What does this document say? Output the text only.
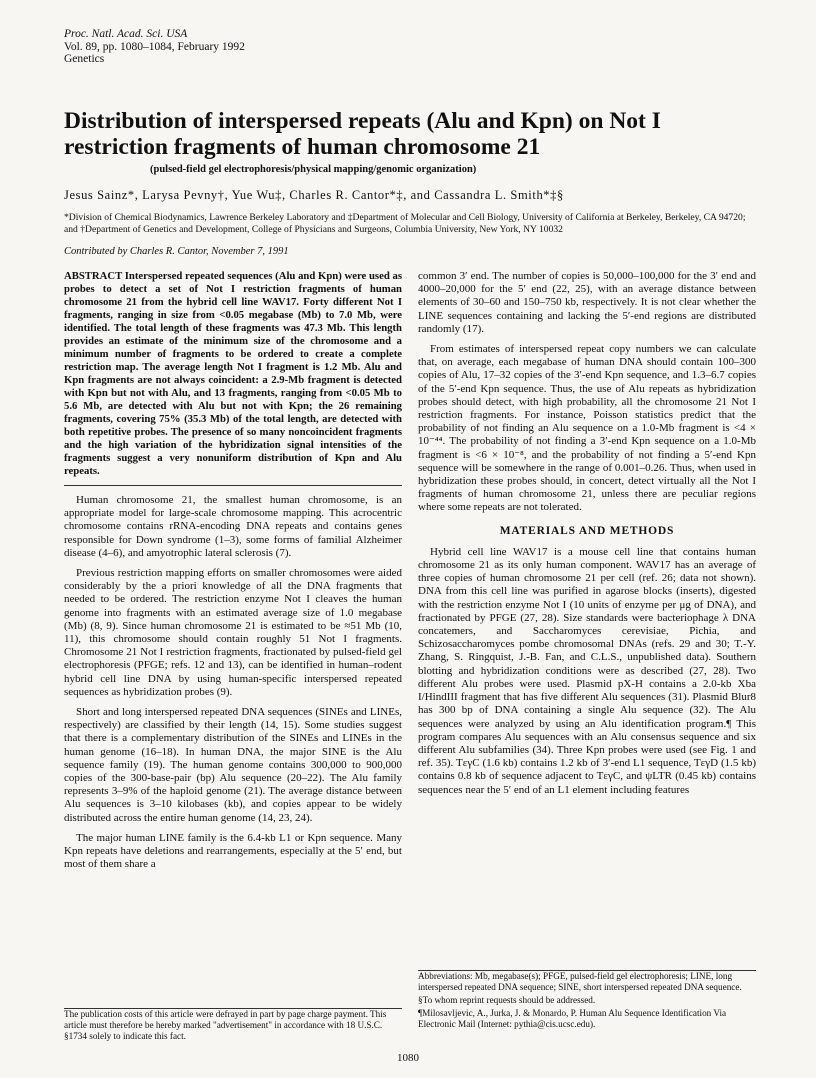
Proc. Natl. Acad. Sci. USA
Vol. 89, pp. 1080–1084, February 1992
Genetics
Distribution of interspersed repeats (Alu and Kpn) on Not I restriction fragments of human chromosome 21
(pulsed-field gel electrophoresis/physical mapping/genomic organization)
Jesus Sainz*, Larysa Pevny†, Yue Wu‡, Charles R. Cantor*‡, and Cassandra L. Smith*‡§
*Division of Chemical Biodynamics, Lawrence Berkeley Laboratory and ‡Department of Molecular and Cell Biology, University of California at Berkeley, Berkeley, CA 94720; and †Department of Genetics and Development, College of Physicians and Surgeons, Columbia University, New York, NY 10032
Contributed by Charles R. Cantor, November 7, 1991

ABSTRACT Interspersed repeated sequences (Alu and Kpn) were used as probes to detect a set of Not I restriction fragments of human chromosome 21 from the hybrid cell line WAV17. Forty different Not I fragments, ranging in size from <0.05 megabase (Mb) to 7.0 Mb, were identified. The total length of these fragments was 47.3 Mb. This length provides an estimate of the minimum size of the chromosome and a minimum number of fragments to be ordered to create a complete restriction map. The average length Not I fragment is 1.2 Mb. Alu and Kpn fragments are not always coincident: a 2.9-Mb fragment is detected with Kpn but not with Alu, and 13 fragments, ranging from <0.05 Mb to 5.6 Mb, are detected with Alu but not with Kpn; the 26 remaining fragments, covering 75% (35.3 Mb) of the total length, are detected with both repetitive probes. The presence of so many noncoincident fragments and the high variation of the hybridization signal intensities of the fragments suggest a very nonuniform distribution of Kpn and Alu repeats.

Human chromosome 21, the smallest human chromosome, is an appropriate model for large-scale chromosome mapping. This acrocentric chromosome contains rRNA-encoding DNA repeats and contains genes responsible for Down syndrome (1–3), some forms of familial Alzheimer disease (4–6), and amyotrophic lateral sclerosis (7).

Previous restriction mapping efforts on smaller chromosomes were aided considerably by the a priori knowledge of all the DNA fragments that needed to be ordered. The restriction enzyme Not I cleaves the human genome into fragments with an estimated average size of 1.0 megabase (Mb) (8, 9). Since human chromosome 21 is estimated to be ≈51 Mb (10, 11), this chromosome should contain roughly 51 Not I fragments. Chromosome 21 Not I restriction fragments, fractionated by pulsed-field gel electrophoresis (PFGE; refs. 12 and 13), can be identified in human–rodent hybrid cell line DNA by using human-specific interspersed repeated sequences as hybridization probes (9).

Short and long interspersed repeated DNA sequences (SINEs and LINEs, respectively) are classified by their length (14, 15). Some studies suggest that there is a complementary distribution of the SINEs and LINEs in the human genome (16–18). In human DNA, the major SINE is the Alu sequence family (19). The human genome contains 300,000 to 900,000 copies of the 300-base-pair (bp) Alu sequence (20–22). The Alu family represents 3–9% of the haploid genome (21). The average distance between Alu sequences is 3–10 kilobases (kb), and copies appear to be widely distributed across the entire human genome (14, 23, 24).

The major human LINE family is the 6.4-kb L1 or Kpn sequence. Many Kpn repeats have deletions and rearrangements, especially at the 5′ end, but most of them share a

common 3′ end. The number of copies is 50,000–100,000 for the 3′ end and 4000–20,000 for the 5′ end (22, 25), with an average distance between elements of 30–60 and 150–750 kb, respectively. It is not clear whether the LINE sequences containing and lacking the 5′-end regions are distributed randomly (17).

From estimates of interspersed repeat copy numbers we can calculate that, on average, each megabase of human DNA should contain 100–300 copies of Alu, 17–32 copies of the 3′-end Kpn sequence, and 1.3–6.7 copies of the 5′-end Kpn sequence. Thus, the use of Alu repeats as hybridization probes should detect, with high probability, all the chromosome 21 Not I restriction fragments. For instance, Poisson statistics predict that the probability of not finding an Alu sequence on a 1.0-Mb fragment is <4 × 10⁻⁴⁴. The probability of not finding a 3′-end Kpn sequence on a 1.0-Mb fragment is <6 × 10⁻⁸, and the probability of not finding a 5′-end Kpn sequence will be somewhere in the range of 0.001–0.26. Thus, when used in hybridization these probes should, in concert, detect virtually all the Not I fragments of human chromosome 21, unless there are peculiar regions where some repeats are not tolerated.

MATERIALS AND METHODS

Hybrid cell line WAV17 is a mouse cell line that contains human chromosome 21 as its only human component. WAV17 has an average of three copies of human chromosome 21 per cell (ref. 26; data not shown). DNA from this cell line was purified in agarose blocks (inserts), digested with the restriction enzyme Not I (10 units of enzyme per μg of DNA), and fractionated by PFGE (27, 28). Size standards were bacteriophage λ DNA concatemers, and Saccharomyces cerevisiae, Pichia, and Schizosaccharomyces pombe chromosomal DNAs (refs. 29 and 30; T.-Y. Zhang, S. Ringquist, J.-B. Fan, and C.L.S., unpublished data). Southern blotting and hybridization conditions were as described (27, 28). Two different Alu probes were used. Plasmid pX-H contains a 2.0-kb Xba I/HindIII fragment that has five different Alu sequences (31). Plasmid Blur8 has 300 bp of DNA containing a single Alu sequence (32). The Alu sequences were analyzed by using an Alu identification program.¶ This program compares Alu sequences with an Alu consensus sequence and six different Alu subfamilies (34). Three Kpn probes were used (see Fig. 1 and ref. 35). TεγC (1.6 kb) contains 1.2 kb of 3′-end L1 sequence, TεγD (1.5 kb) contains 0.8 kb of sequence adjacent to TεγC, and ψLTR (0.45 kb) contains sequences near the 5′ end of an L1 element including features

The publication costs of this article were defrayed in part by page charge payment. This article must therefore be hereby marked "advertisement" in accordance with 18 U.S.C. §1734 solely to indicate this fact.

Abbreviations: Mb, megabase(s); PFGE, pulsed-field gel electrophoresis; LINE, long interspersed repeated DNA sequence; SINE, short interspersed repeated DNA sequence.

§To whom reprint requests should be addressed.

¶Milosavljevic, A., Jurka, J. & Monardo, P. Human Alu Sequence Identification Via Electronic Mail (Internet: pythia@cis.ucsc.edu).

1080
